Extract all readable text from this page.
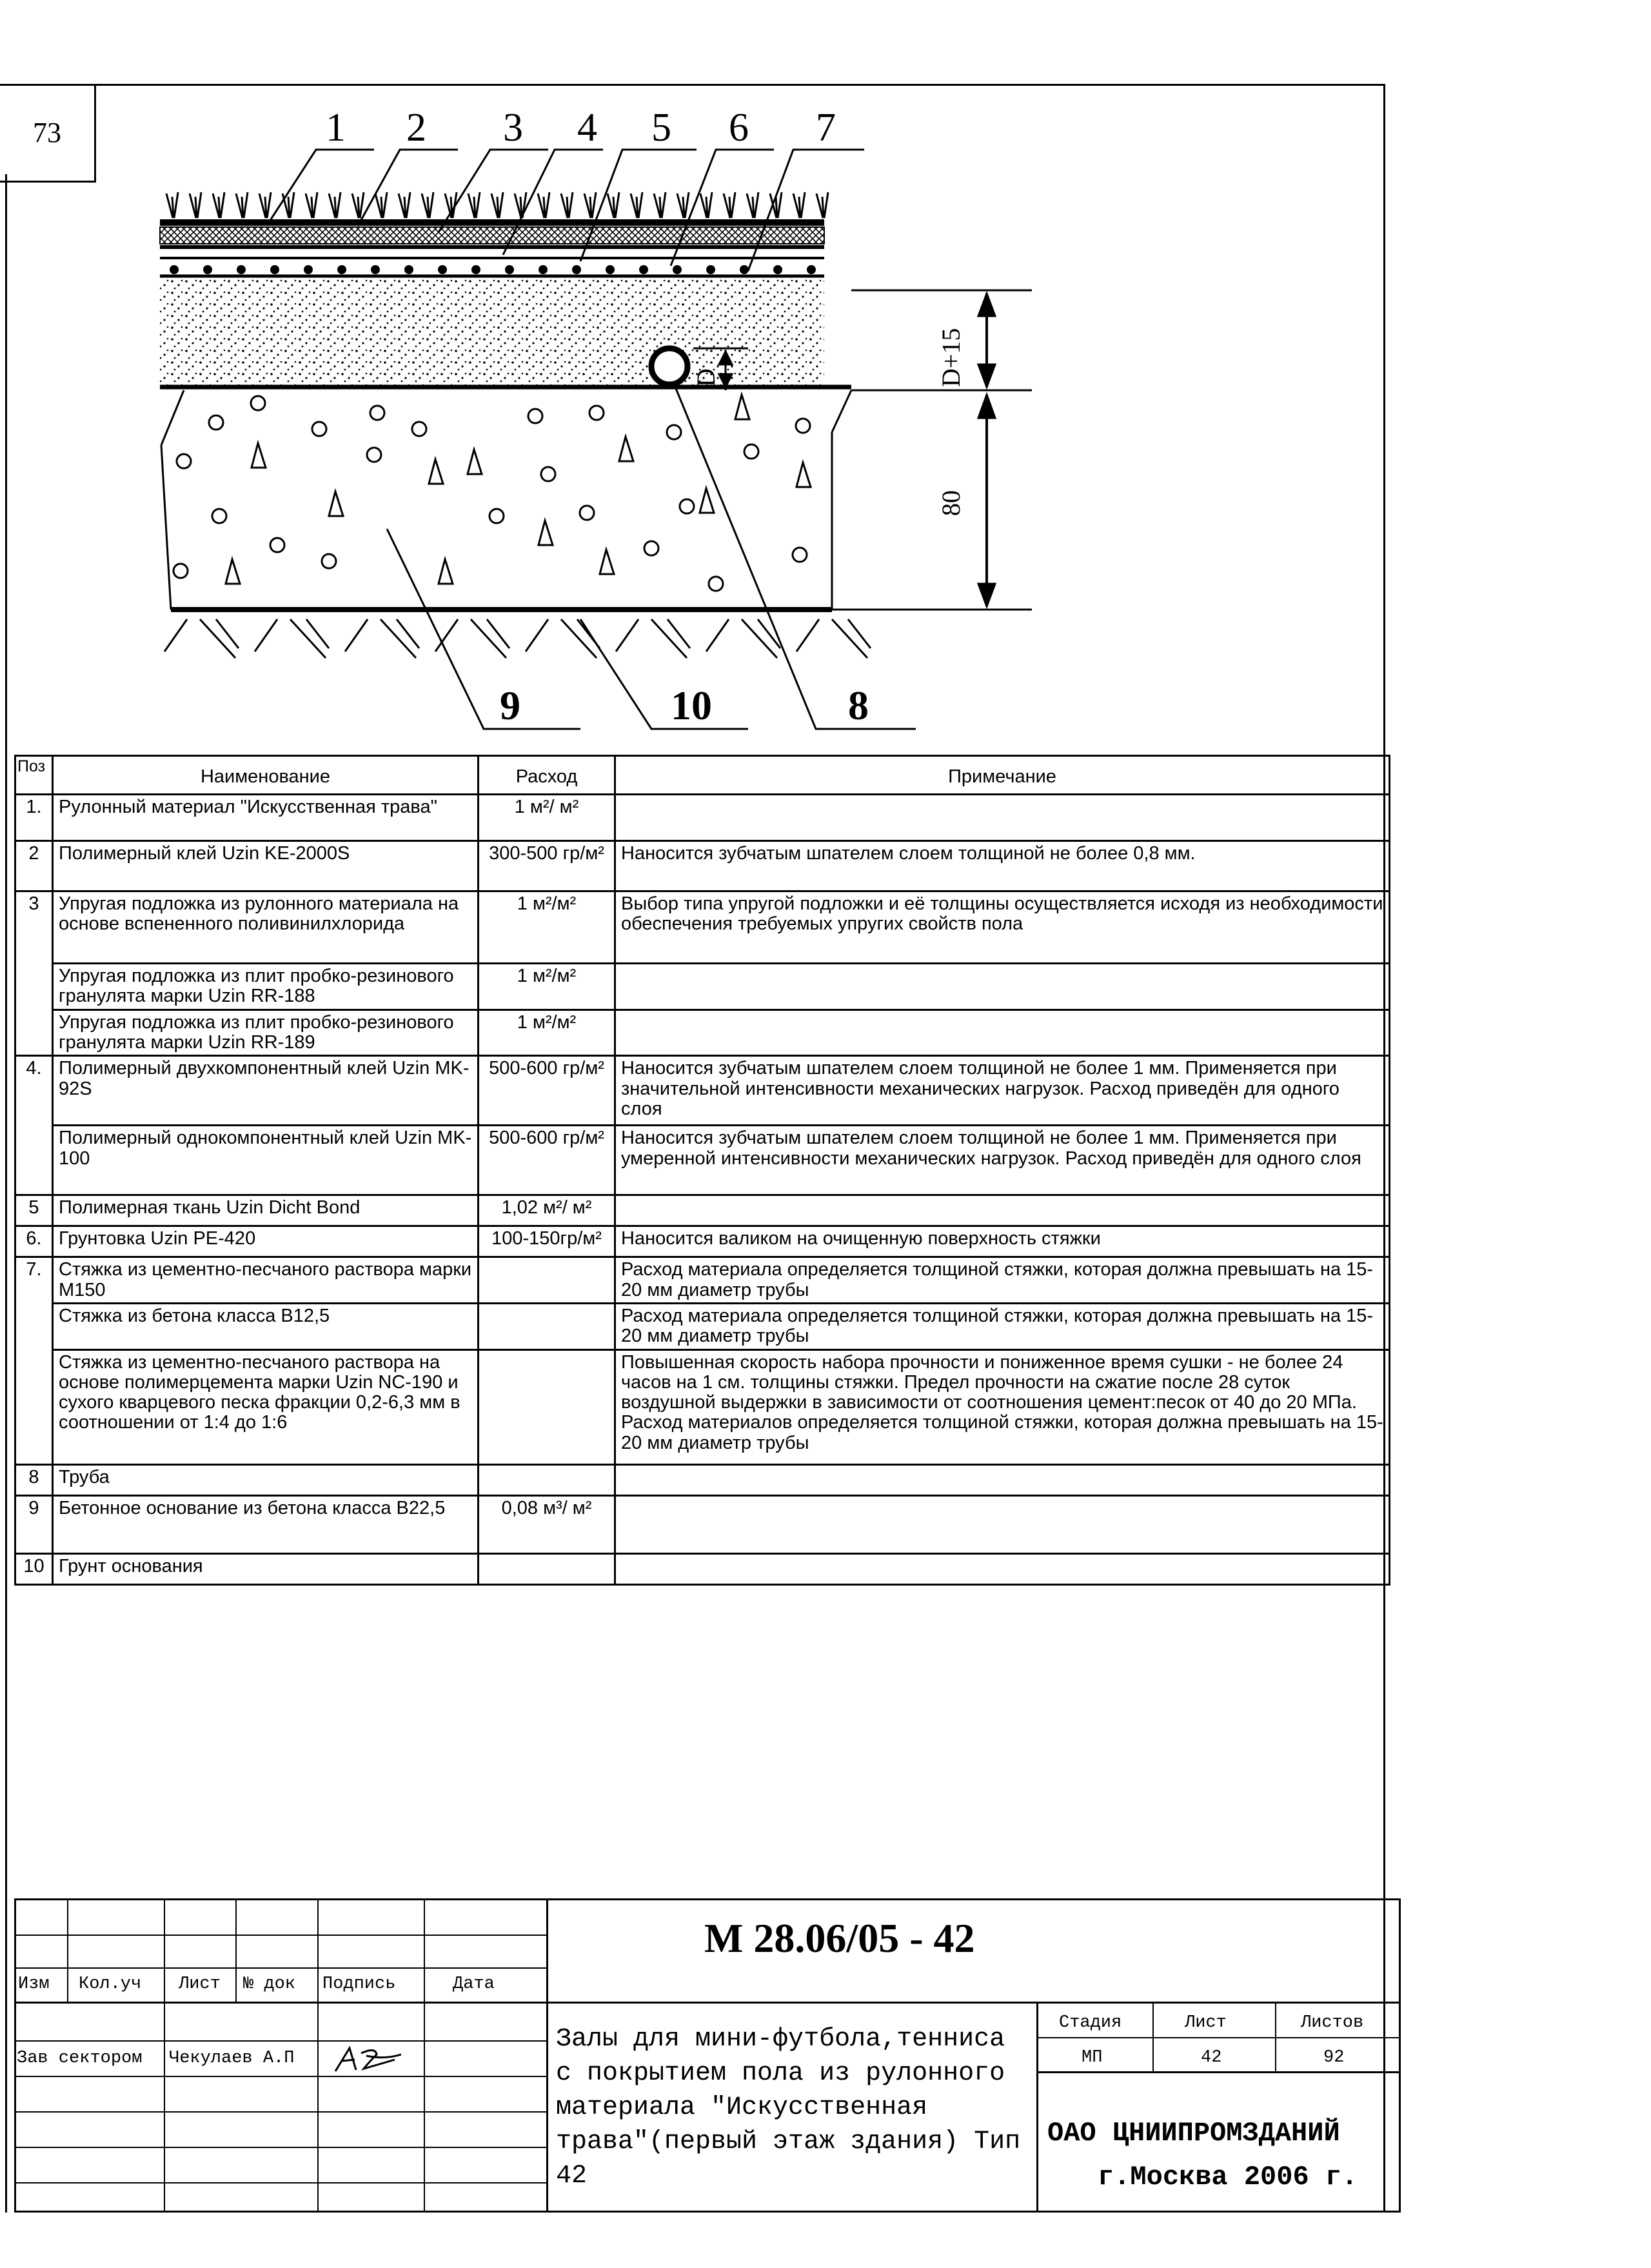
73	1 2 3 4 5 6 7
9	10	8
D+15
80
D
Поз	Наименование	Расход	Примечание
1.	Рулонный материал "Искусственная трава"	1 м²/ м²	
2	Полимерный клей Uzin KE-2000S	300-500 гр/м²	Наносится зубчатым шпателем слоем толщиной не более 0,8 мм.
3	Упругая подложка из рулонного материала на основе вспененного поливинилхлорида	1 м²/м²	Выбор типа упругой подложки и её толщины осуществляется исходя из необходимости обеспечения требуемых упругих свойств пола
	Упругая подложка из плит пробко-резинового гранулята марки Uzin RR-188	1 м²/м²	
	Упругая подложка из плит пробко-резинового гранулята марки Uzin RR-189	1 м²/м²	
4.	Полимерный двухкомпонентный клей Uzin MK-92S	500-600 гр/м²	Наносится зубчатым шпателем слоем толщиной не более 1 мм. Применяется при значительной интенсивности механических нагрузок. Расход приведён для одного слоя
	Полимерный однокомпонентный клей Uzin MK-100	500-600 гр/м²	Наносится зубчатым шпателем слоем толщиной не более 1 мм. Применяется при умеренной интенсивности механических нагрузок. Расход приведён для одного слоя
5	Полимерная ткань Uzin Dicht Bond	1,02 м²/ м²	
6.	Грунтовка Uzin PE-420	100-150гр/м²	Наносится валиком на очищенную поверхность стяжки
7.	Стяжка из цементно-песчаного раствора марки М150		Расход материала определяется толщиной стяжки, которая должна превышать на 15-20 мм диаметр трубы
	Стяжка из бетона класса В12,5		Расход материала определяется толщиной стяжки, которая должна превышать на 15-20 мм диаметр трубы
	Стяжка из цементно-песчаного раствора на основе полимерцемента марки Uzin NC-190 и сухого кварцевого песка фракции 0,2-6,3 мм в соотношении от 1:4 до 1:6		Повышенная скорость набора прочности и пониженное время сушки - не более 24 часов на 1 см. толщины стяжки. Предел прочности на сжатие после 28 суток воздушной выдержки в зависимости от соотношения цемент:песок от 40 до 20 МПа. Расход материалов определяется толщиной стяжки, которая должна превышать на 15-20 мм диаметр трубы
8	Труба		
9	Бетонное основание из бетона класса В22,5	0,08 м³/ м²	
10	Грунт основания		
М 28.06/05 - 42
Изм Кол.уч Лист № док Подпись	Дата
Зав сектором Чекулаев А.П
Залы для мини-футбола,тенниса с покрытием пола из рулонного материала "Искусственная трава"(первый этаж здания) Тип 42
Стадия	Лист	Листов
МП	42	92
ОАО ЦНИИПРОМЗДАНИЙ
г.Москва 2006 г.
